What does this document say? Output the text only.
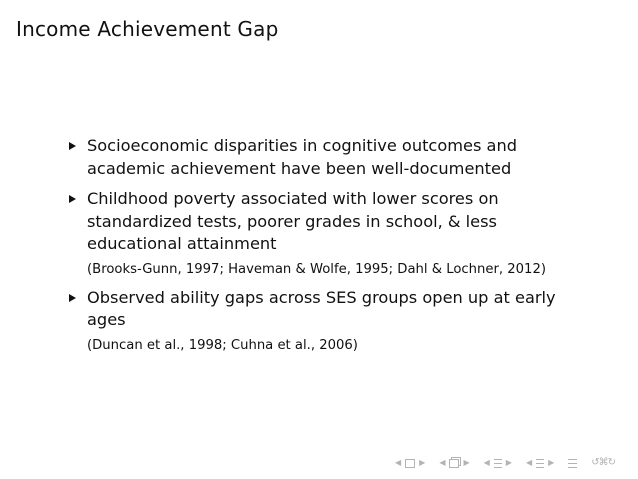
Income Achievement Gap
Socioeconomic disparities in cognitive outcomes and academic achievement have been well-documented
Childhood poverty associated with lower scores on standardized tests, poorer grades in school, & less educational attainment
(Brooks-Gunn, 1997; Haveman & Wolfe, 1995; Dahl & Lochner, 2012)
Observed ability gaps across SES groups open up at early ages
(Duncan et al., 1998; Cuhna et al., 2006)
◀ ▶ ◀ ▶ ◀ ▶ ◀ ▶	↺⌘↻
